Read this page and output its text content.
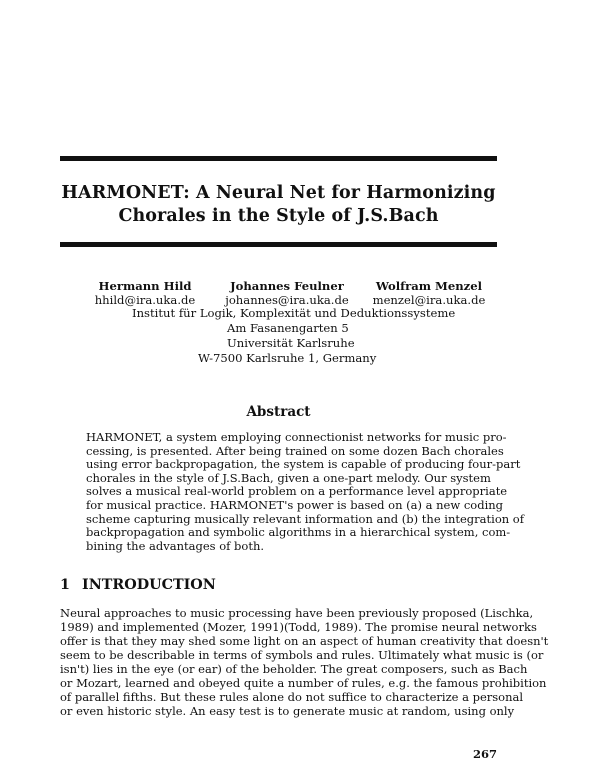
HARMONET: A Neural Net for Harmonizing
Chorales in the Style of J.S.Bach
Hermann Hild
hhild@ira.uka.de
Johannes Feulner
johannes@ira.uka.de
Wolfram Menzel
menzel@ira.uka.de
Institut für Logik, Komplexität und Deduktionssysteme
Am Fasanengarten 5
Universität Karlsruhe
W-7500 Karlsruhe 1, Germany
Abstract
HARMONET, a system employing connectionist networks for music pro-
cessing, is presented. After being trained on some dozen Bach chorales
using error backpropagation, the system is capable of producing four-part
chorales in the style of J.S.Bach, given a one-part melody. Our system
solves a musical real-world problem on a performance level appropriate
for musical practice. HARMONET's power is based on (a) a new coding
scheme capturing musically relevant information and (b) the integration of
backpropagation and symbolic algorithms in a hierarchical system, com-
bining the advantages of both.
1 INTRODUCTION
Neural approaches to music processing have been previously proposed (Lischka,
1989) and implemented (Mozer, 1991)(Todd, 1989). The promise neural networks
offer is that they may shed some light on an aspect of human creativity that doesn't
seem to be describable in terms of symbols and rules. Ultimately what music is (or
isn't) lies in the eye (or ear) of the beholder. The great composers, such as Bach
or Mozart, learned and obeyed quite a number of rules, e.g. the famous prohibition
of parallel fifths. But these rules alone do not suffice to characterize a personal
or even historic style. An easy test is to generate music at random, using only
267
